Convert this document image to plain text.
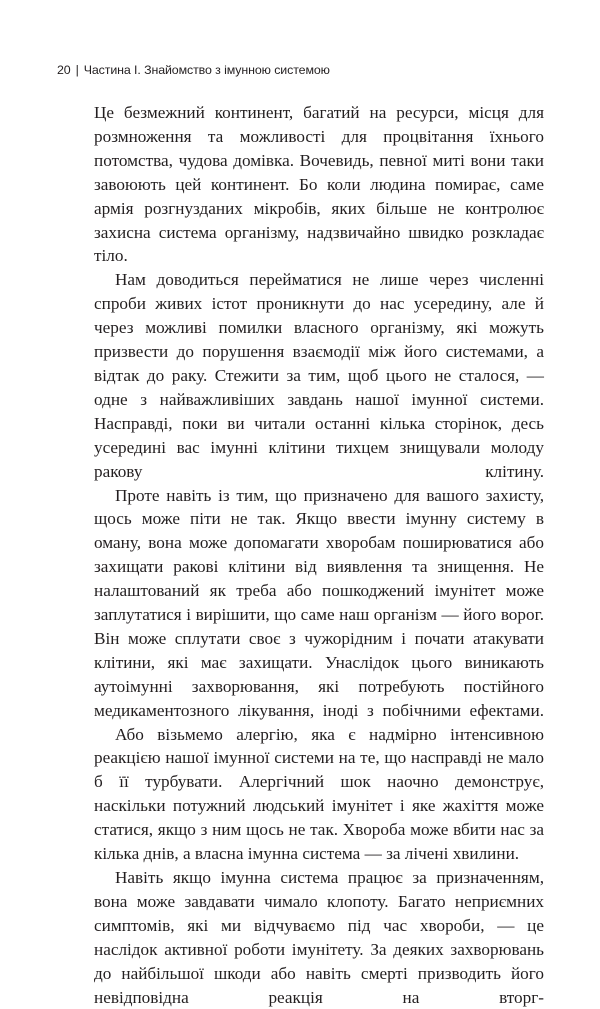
20 | Частина I. Знайомство з імунною системою

Це безмежний континент, багатий на ресурси, місця для розмноження та можливості для процвітання їхнього потомства, чудова домівка. Вочевидь, певної миті вони таки завоюють цей континент. Бо коли людина помирає, саме армія розгнузданих мікробів, яких більше не контролює захисна система організму, надзвичайно швидко розкладає тіло.

Нам доводиться перейматися не лише через численні спроби живих істот проникнути до нас усередину, але й через можливі помилки власного організму, які можуть призвести до порушення взаємодії між його системами, а відтак до раку. Стежити за тим, щоб цього не сталося, — одне з найважливіших завдань нашої імунної системи. Насправді, поки ви читали останні кілька сторінок, десь усередині вас імунні клітини тихцем знищували молоду ракову клітину.

Проте навіть із тим, що призначено для вашого захисту, щось може піти не так. Якщо ввести імунну систему в оману, вона може допомагати хворобам поширюватися або захищати ракові клітини від виявлення та знищення. Не налаштований як треба або пошкоджений імунітет може заплутатися і вирішити, що саме наш організм — його ворог. Він може сплутати своє з чужорідним і почати атакувати клітини, які має захищати. Унаслідок цього виникають аутоімунні захворювання, які потребують постійного медикаментозного лікування, іноді з побічними ефектами.

Або візьмемо алергію, яка є надмірно інтенсивною реакцією нашої імунної системи на те, що насправді не мало б її турбувати. Алергічний шок наочно демонструє, наскільки потужний людський імунітет і яке жахіття може статися, якщо з ним щось не так. Хвороба може вбити нас за кілька днів, а власна імунна система — за лічені хвилини.

Навіть якщо імунна система працює за призначенням, вона може завдавати чимало клопоту. Багато неприємних симптомів, які ми відчуваємо під час хвороби, — це наслідок активної роботи імунітету. За деяких захворювань до найбільшої шкоди або навіть смерті призводить його невідповідна реакція на вторг-
